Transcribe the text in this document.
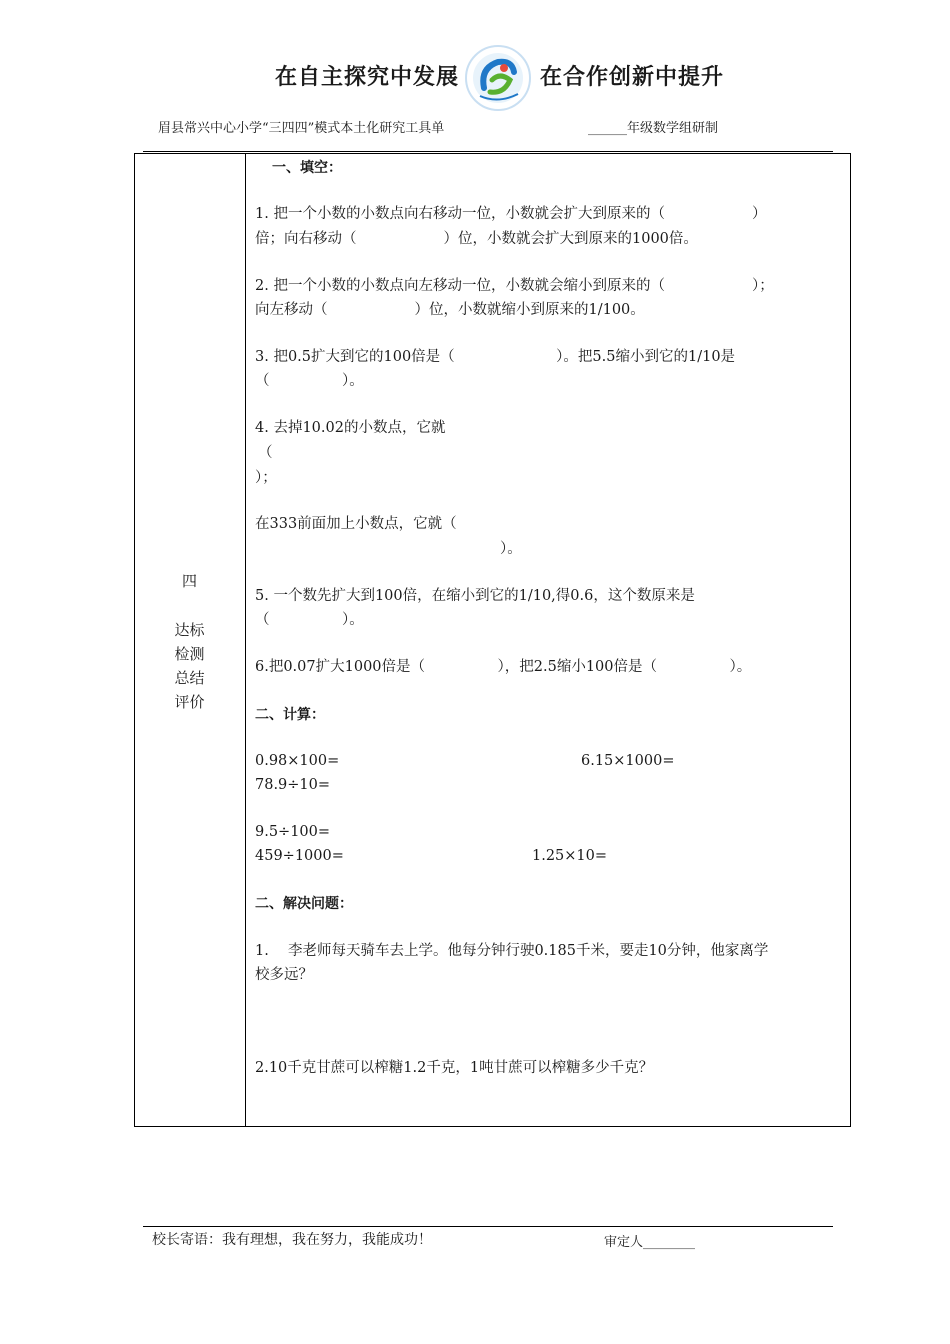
在自主探究中发展	在合作创新中提升
眉县常兴中心小学“三四四”模式本土化研究工具单	______年级数学组研制
四
达标
检测
总结
评价
一、填空：
1. 把一个小数的小数点向右移动一位，小数就会扩大到原来的（　　　　　　）
倍；向右移动（　　　　　　）位，小数就会扩大到原来的1000倍。
2. 把一个小数的小数点向左移动一位，小数就会缩小到原来的（　　　　　　）；
向左移动（　　　　　　）位，小数就缩小到原来的1/100。
3. 把0.5扩大到它的100倍是（　　　　　　　）。把5.5缩小到它的1/10是
（　　　　　）。
4. 去掉10.02的小数点，它就
（
）；
在333前面加上小数点，它就（
）。
5. 一个数先扩大到100倍，在缩小到它的1/10,得0.6，这个数原来是
（　　　　　）。
6.把0.07扩大1000倍是（　　　　　），把2.5缩小100倍是（　　　　　）。
二、计算：
0.98×100=	6.15×1000=
78.9÷10=
9.5÷100=
459÷1000=	1.25×10=
二、解决问题：
1.　 李老师每天骑车去上学。他每分钟行驶0.185千米，要走10分钟，他家离学
校多远？
2.10千克甘蔗可以榨糖1.2千克，1吨甘蔗可以榨糖多少千克？
校长寄语：我有理想，我在努力，我能成功！	审定人________
